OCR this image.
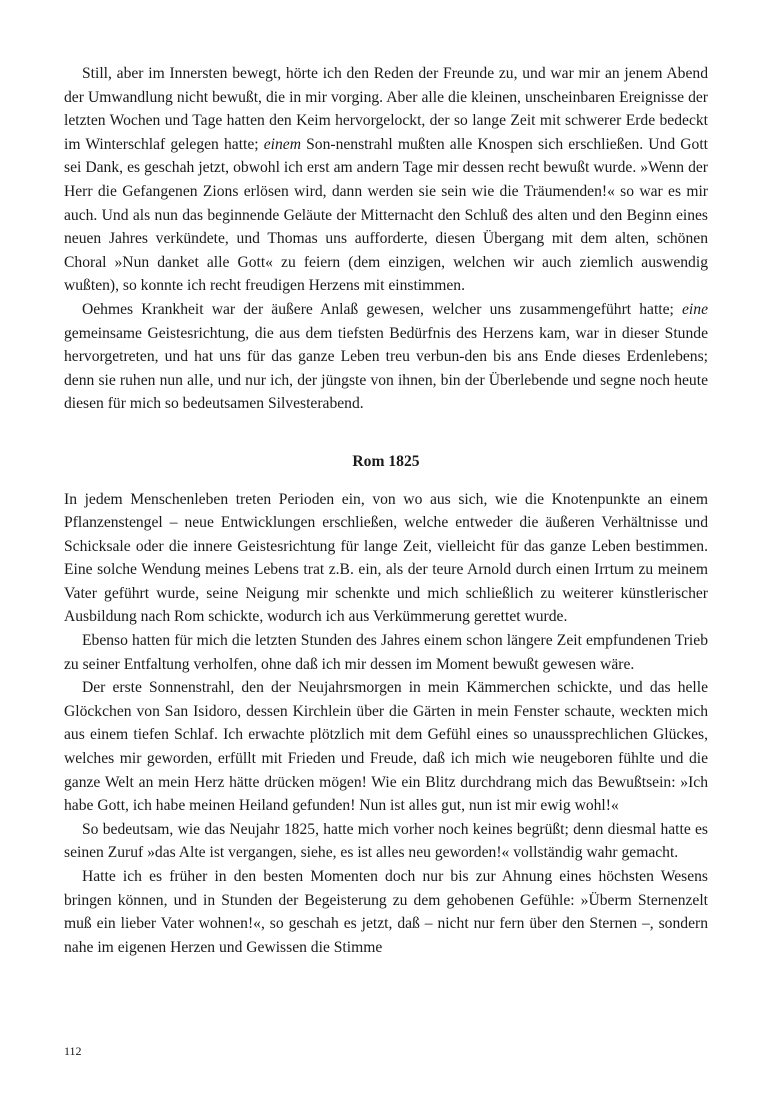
Still, aber im Innersten bewegt, hörte ich den Reden der Freunde zu, und war mir an jenem Abend der Umwandlung nicht bewußt, die in mir vorging. Aber alle die kleinen, unscheinbaren Ereignisse der letzten Wochen und Tage hatten den Keim hervorgelockt, der so lange Zeit mit schwerer Erde bedeckt im Winterschlaf gelegen hatte; einem Son-nenstrahl mußten alle Knospen sich erschließen. Und Gott sei Dank, es geschah jetzt, obwohl ich erst am andern Tage mir dessen recht bewußt wurde. »Wenn der Herr die Gefangenen Zions erlösen wird, dann werden sie sein wie die Träumenden!« so war es mir auch. Und als nun das beginnende Geläute der Mitternacht den Schluß des alten und den Beginn eines neuen Jahres verkündete, und Thomas uns aufforderte, diesen Übergang mit dem alten, schönen Choral »Nun danket alle Gott« zu feiern (dem einzigen, welchen wir auch ziemlich auswendig wußten), so konnte ich recht freudigen Herzens mit einstimmen.

Oehmes Krankheit war der äußere Anlaß gewesen, welcher uns zusammengeführt hatte; eine gemeinsame Geistesrichtung, die aus dem tiefsten Bedürfnis des Herzens kam, war in dieser Stunde hervorgetreten, und hat uns für das ganze Leben treu verbun-den bis ans Ende dieses Erdenlebens; denn sie ruhen nun alle, und nur ich, der jüngste von ihnen, bin der Überlebende und segne noch heute diesen für mich so bedeutsamen Silvesterabend.

Rom 1825

In jedem Menschenleben treten Perioden ein, von wo aus sich, wie die Knotenpunkte an einem Pflanzenstengel – neue Entwicklungen erschließen, welche entweder die äußeren Verhältnisse und Schicksale oder die innere Geistesrichtung für lange Zeit, vielleicht für das ganze Leben bestimmen. Eine solche Wendung meines Lebens trat z.B. ein, als der teure Arnold durch einen Irrtum zu meinem Vater geführt wurde, seine Neigung mir schenkte und mich schließlich zu weiterer künstlerischer Ausbildung nach Rom schickte, wodurch ich aus Verkümmerung gerettet wurde.

Ebenso hatten für mich die letzten Stunden des Jahres einem schon längere Zeit empfundenen Trieb zu seiner Entfaltung verholfen, ohne daß ich mir dessen im Moment bewußt gewesen wäre.

Der erste Sonnenstrahl, den der Neujahrsmorgen in mein Kämmerchen schickte, und das helle Glöckchen von San Isidoro, dessen Kirchlein über die Gärten in mein Fenster schaute, weckten mich aus einem tiefen Schlaf. Ich erwachte plötzlich mit dem Gefühl eines so unaussprechlichen Glückes, welches mir geworden, erfüllt mit Frieden und Freude, daß ich mich wie neugeboren fühlte und die ganze Welt an mein Herz hätte drücken mögen! Wie ein Blitz durchdrang mich das Bewußtsein: »Ich habe Gott, ich habe meinen Heiland gefunden! Nun ist alles gut, nun ist mir ewig wohl!«

So bedeutsam, wie das Neujahr 1825, hatte mich vorher noch keines begrüßt; denn diesmal hatte es seinen Zuruf »das Alte ist vergangen, siehe, es ist alles neu geworden!« vollständig wahr gemacht.

Hatte ich es früher in den besten Momenten doch nur bis zur Ahnung eines höchsten Wesens bringen können, und in Stunden der Begeisterung zu dem gehobenen Gefühle: »Überm Sternenzelt muß ein lieber Vater wohnen!«, so geschah es jetzt, daß – nicht nur fern über den Sternen –, sondern nahe im eigenen Herzen und Gewissen die Stimme

112
